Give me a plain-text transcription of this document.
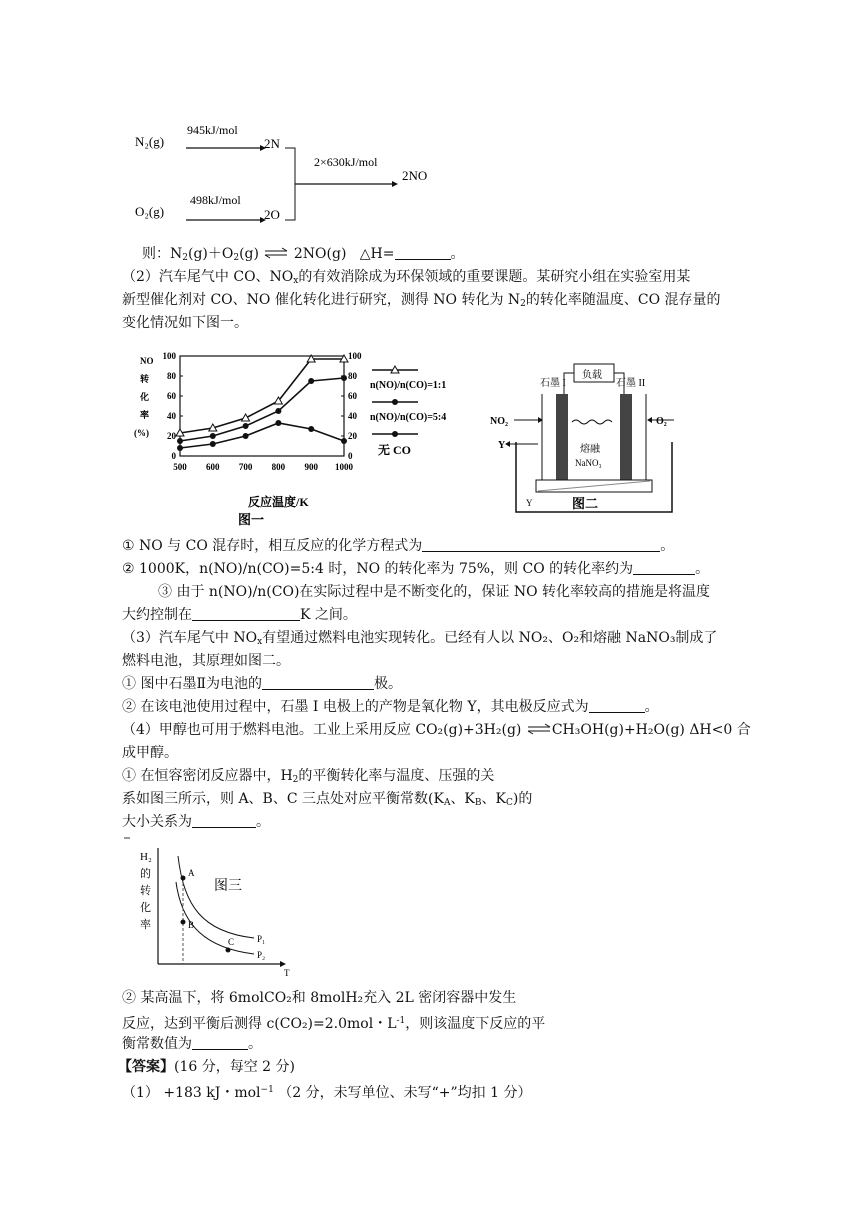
N₂(g)
945kJ/mol
2N
O₂(g)
498kJ/mol
2O
2×630kJ/mol
2NO
则：N2(g)＋O2(g) ⇌ 2NO(g) △H=	。
（2）汽车尾气中 CO、NOx的有效消除成为环保领域的重要课题。某研究小组在实验室用某
新型催化剂对 CO、NO 催化转化进行研究，测得 NO 转化为 N2的转化率随温度、CO 混存量的
变化情况如下图一。
NO
转
化
率
(%)
100
80
60
40
20
0
100
80
60
40
20
0
500 600 700 800 900 1000
反应温度/K
图一
n(NO)/n(CO)=1:1
n(NO)/n(CO)=5:4
无 CO
负载
石墨 I	石墨 II
熔融
NaNO₃
NO₂	O₂
Y
Y	图二
① NO 与 CO 混存时，相互反应的化学方程式为	。
② 1000K，n(NO)/n(CO)=5:4 时，NO 的转化率为 75%，则 CO 的转化率约为	。
③ 由于 n(NO)/n(CO)在实际过程中是不断变化的，保证 NO 转化率较高的措施是将温度
大约控制在	K 之间。
（3）汽车尾气中 NOx有望通过燃料电池实现转化。已经有人以 NO₂、O₂和熔融 NaNO₃制成了
燃料电池，其原理如图二。
① 图中石墨Ⅱ为电池的	极。
② 在该电池使用过程中，石墨 I 电极上的产物是氧化物 Y，其电极反应式为	。
（4）甲醇也可用于燃料电池。工业上采用反应 CO₂(g)+3H₂(g) ⇌CH₃OH(g)+H₂O(g) ΔH<0 合
成甲醇。
① 在恒容密闭反应器中，H2的平衡转化率与温度、压强的关
系如图三所示，则 A、B、C 三点处对应平衡常数(KA、KB、KC)的
大小关系为	。
H₂
的
转
化
率
T
图三
A
B
C	P₁
P₂
② 某高温下，将 6molCO₂和 8molH₂充入 2L 密闭容器中发生
反应，达到平衡后测得 c(CO₂)=2.0mol・$L^{-1}$，则该温度下反应的平
衡常数值为	。
【答案】(16 分，每空 2 分)
（1） +183 kJ・mol$^{-1}$ （2 分，未写单位、未写“+”均扣 1 分）
